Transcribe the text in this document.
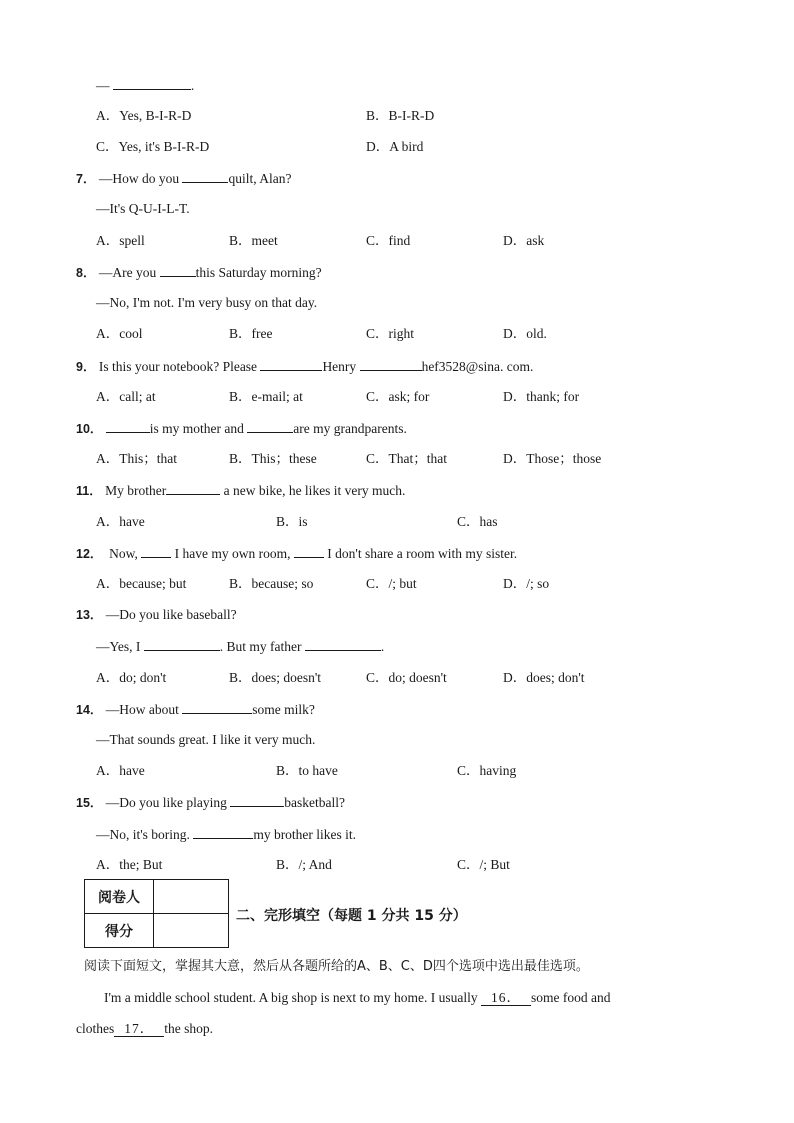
—	.
A．Yes, B-I-R-D	B．B-I-R-D
C．Yes, it's B-I-R-D	D．A bird
7． —How do you	quilt, Alan?
—It's Q-U-I-L-T.
A．spell	B．meet	C．find	D．ask
8． —Are you	this Saturday morning?
—No, I'm not. I'm very busy on that day.
A．cool	B．free	C．right	D．old.
9． Is this your notebook? Please	Henry	hef3528@sina. com.
A．call; at	B．e-mail; at	C．ask; for	D．thank; for
10．	is my mother and	are my grandparents.
A．This；that	B．This；these	C．That；that	D．Those；those
11． My brother	a new bike, he likes it very much.
A．have	B．is	C．has
12． Now,  I have my own room,  I don't share a room with my sister.
A．because; but	B．because; so	C．/; but	D．/; so
13． —Do you like baseball?
—Yes, I	. But my father	.
A．do; don't	B．does; doesn't	C．do; doesn't	D．does; don't
14． —How about	some milk?
—That sounds great. I like it very much.
A．have	B．to have	C．having
15． —Do you like playing	basketball?
—No, it's boring.	my brother likes it.
A．the; But	B．/; And	C．/; But
阅卷人	
得分	
二、完形填空（每题 1 分共 15 分）
阅读下面短文，掌握其大意，然后从各题所给的A、B、C、D四个选项中选出最佳选项。
I'm a middle school student. A big shop is next to my home. I usually 16． some food and
clothes 17． the shop.
